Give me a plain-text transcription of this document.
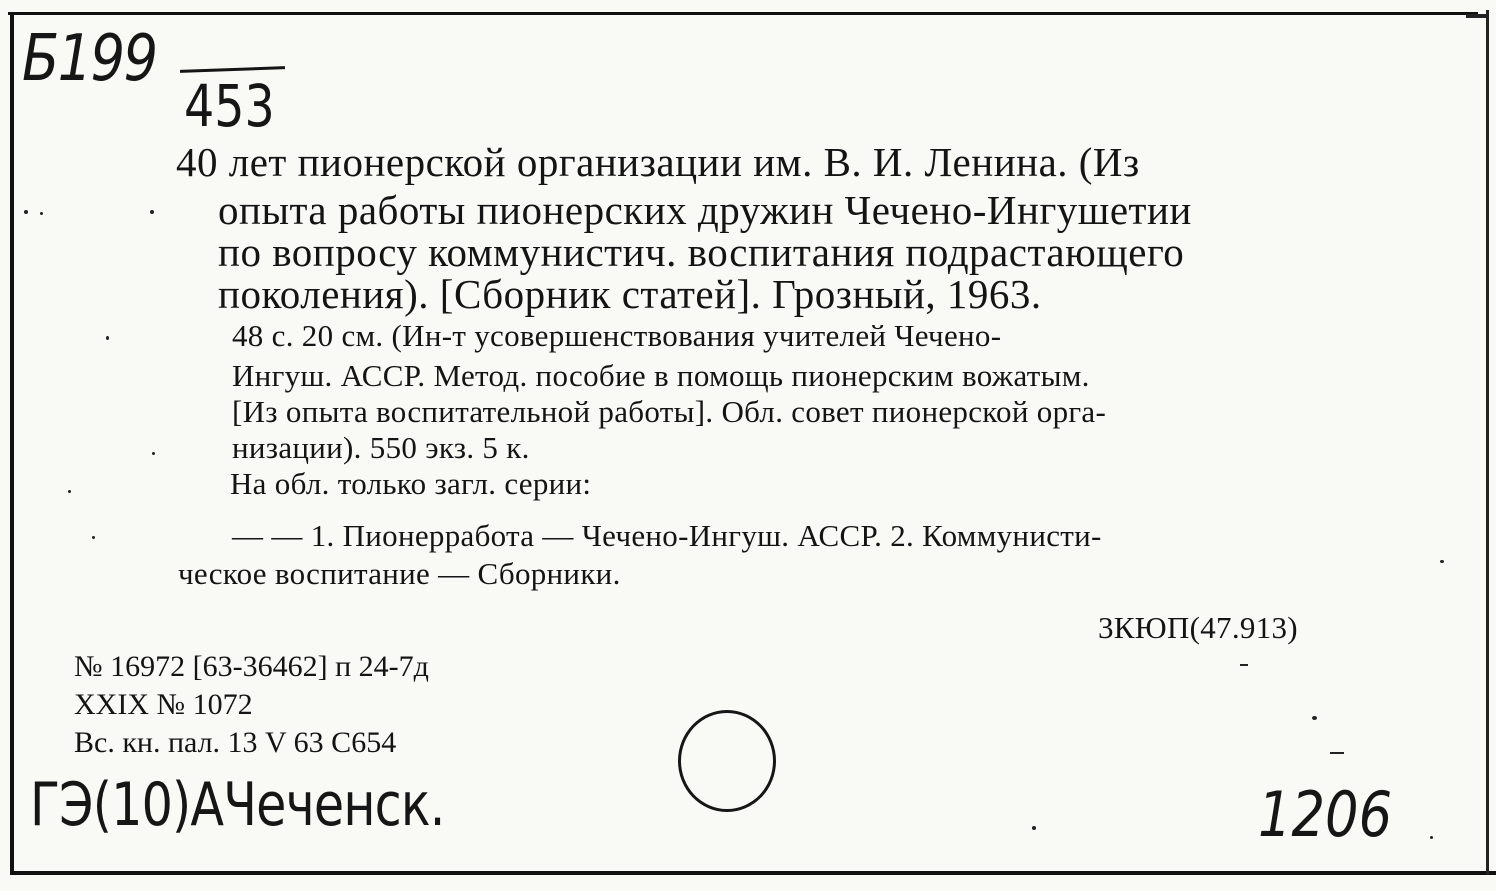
Б199
453
40 лет пионерской организации им. В. И. Ленина. (Из
опыта работы пионерских дружин Чечено-Ингушетии
по вопросу коммунистич. воспитания подрастающего
поколения). [Сборник статей]. Грозный, 1963.
48 с. 20 см. (Ин-т усовершенствования учителей Чечено-
Ингуш. АССР. Метод. пособие в помощь пионерским вожатым.
[Из опыта воспитательной работы]. Обл. совет пионерской орга-
низации). 550 экз. 5 к.
На обл. только загл. серии:
— — 1. Пионерработа — Чечено-Ингуш. АССР. 2. Коммунисти-
ческое воспитание — Сборники.
3КЮП(47.913)
№ 16972 [63-36462] п 24-7д
XXIX № 1072
Вс. кн. пал. 13 V 63 С654
ГЭ(10)АЧеченск.	1206
